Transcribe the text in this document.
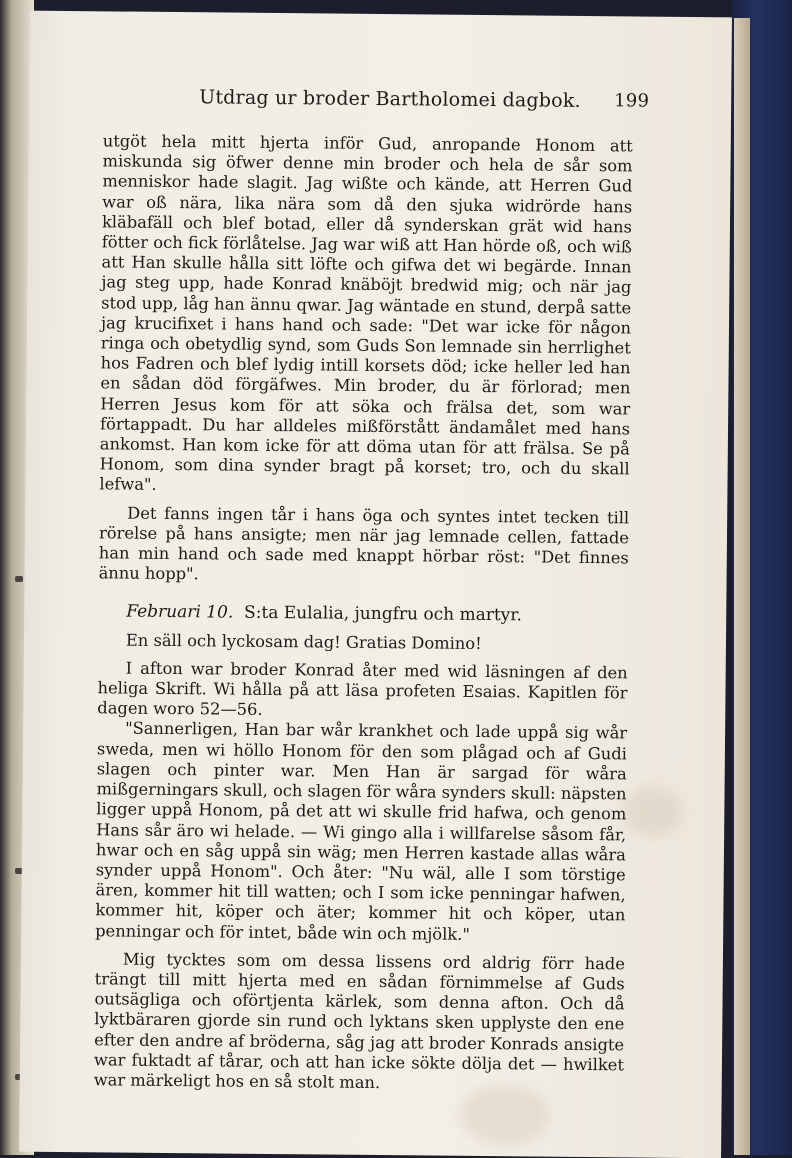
Utdrag ur broder Bartholomei dagbok. 199

utgöt hela mitt hjerta inför Gud, anropande Honom att miskunda sig öfwer denne min broder och hela de sår som menniskor hade slagit. Jag wißte och kände, att Herren Gud war oß nära, lika nära som då den sjuka widrörde hans kläbafäll och blef botad, eller då synderskan grät wid hans fötter och fick förlåtelse. Jag war wiß att Han hörde oß, och wiß att Han skulle hålla sitt löfte och gifwa det wi begärde. Innan jag steg upp, hade Konrad knäböjt bredwid mig; och när jag stod upp, låg han ännu qwar. Jag wäntade en stund, derpå satte jag krucifixet i hans hand och sade: "Det war icke för någon ringa och obetydlig synd, som Guds Son lemnade sin herrlighet hos Fadren och blef lydig intill korsets död; icke heller led han en sådan död förgäfwes. Min broder, du är förlorad; men Herren Jesus kom för att söka och frälsa det, som war förtappadt. Du har alldeles mißförstått ändamålet med hans ankomst. Han kom icke för att döma utan för att frälsa. Se på Honom, som dina synder bragt på korset; tro, och du skall lefwa".

Det fanns ingen tår i hans öga och syntes intet tecken till rörelse på hans ansigte; men när jag lemnade cellen, fattade han min hand och sade med knappt hörbar röst: "Det finnes ännu hopp".

Februari 10. S:ta Eulalia, jungfru och martyr.

En säll och lyckosam dag! Gratias Domino!

I afton war broder Konrad åter med wid läsningen af den heliga Skrift. Wi hålla på att läsa profeten Esaias. Kapitlen för dagen woro 52—56.

"Sannerligen, Han bar wår krankhet och lade uppå sig wår sweda, men wi höllo Honom för den som plågad och af Gudi slagen och pinter war. Men Han är sargad för wåra mißgerningars skull, och slagen för wåra synders skull: näpsten ligger uppå Honom, på det att wi skulle frid hafwa, och genom Hans sår äro wi helade. — Wi gingo alla i willfarelse såsom får, hwar och en såg uppå sin wäg; men Herren kastade allas wåra synder uppå Honom". Och åter: "Nu wäl, alle I som törstige ären, kommer hit till watten; och I som icke penningar hafwen, kommer hit, köper och äter; kommer hit och köper, utan penningar och för intet, både win och mjölk."

Mig tycktes som om dessa lissens ord aldrig förr hade trängt till mitt hjerta med en sådan förnimmelse af Guds outsägliga och oförtjenta kärlek, som denna afton. Och då lyktbäraren gjorde sin rund och lyktans sken upplyste den ene efter den andre af bröderna, såg jag att broder Konrads ansigte war fuktadt af tårar, och att han icke sökte dölja det — hwilket war märkeligt hos en så stolt man.
